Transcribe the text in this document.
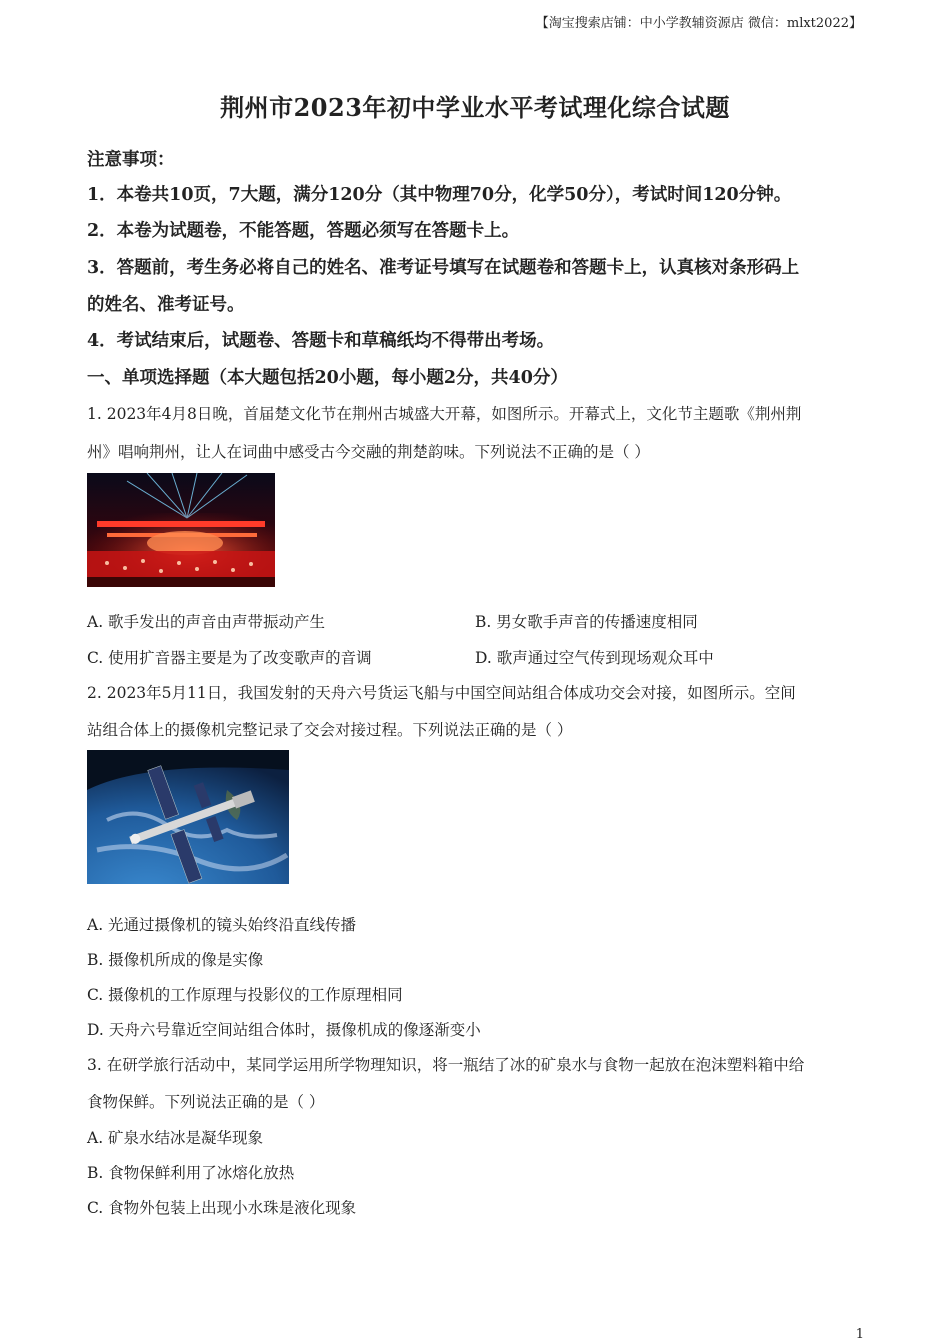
【淘宝搜索店铺：中小学教辅资源店 微信：mlxt2022】
荆州市2023年初中学业水平考试理化综合试题
注意事项：
1．本卷共10页，7大题，满分120分（其中物理70分，化学50分），考试时间120分钟。
2．本卷为试题卷，不能答题，答题必须写在答题卡上。
3．答题前，考生务必将自己的姓名、准考证号填写在试题卷和答题卡上，认真核对条形码上
的姓名、准考证号。
4．考试结束后，试题卷、答题卡和草稿纸均不得带出考场。
一、单项选择题（本大题包括20小题，每小题2分，共40分）
1. 2023年4月8日晚，首届楚文化节在荆州古城盛大开幕，如图所示。开幕式上，文化节主题歌《荆州荆
州》唱响荆州，让人在词曲中感受古今交融的荆楚韵味。下列说法不正确的是（ ）
A. 歌手发出的声音由声带振动产生	B. 男女歌手声音的传播速度相同
C. 使用扩音器主要是为了改变歌声的音调	D. 歌声通过空气传到现场观众耳中
2. 2023年5月11日，我国发射的天舟六号货运飞船与中国空间站组合体成功交会对接，如图所示。空间
站组合体上的摄像机完整记录了交会对接过程。下列说法正确的是（ ）
A. 光通过摄像机的镜头始终沿直线传播
B. 摄像机所成的像是实像
C. 摄像机的工作原理与投影仪的工作原理相同
D. 天舟六号靠近空间站组合体时，摄像机成的像逐渐变小
3. 在研学旅行活动中，某同学运用所学物理知识，将一瓶结了冰的矿泉水与食物一起放在泡沫塑料箱中给
食物保鲜。下列说法正确的是（ ）
A. 矿泉水结冰是凝华现象
B. 食物保鲜利用了冰熔化放热
C. 食物外包装上出现小水珠是液化现象
1
